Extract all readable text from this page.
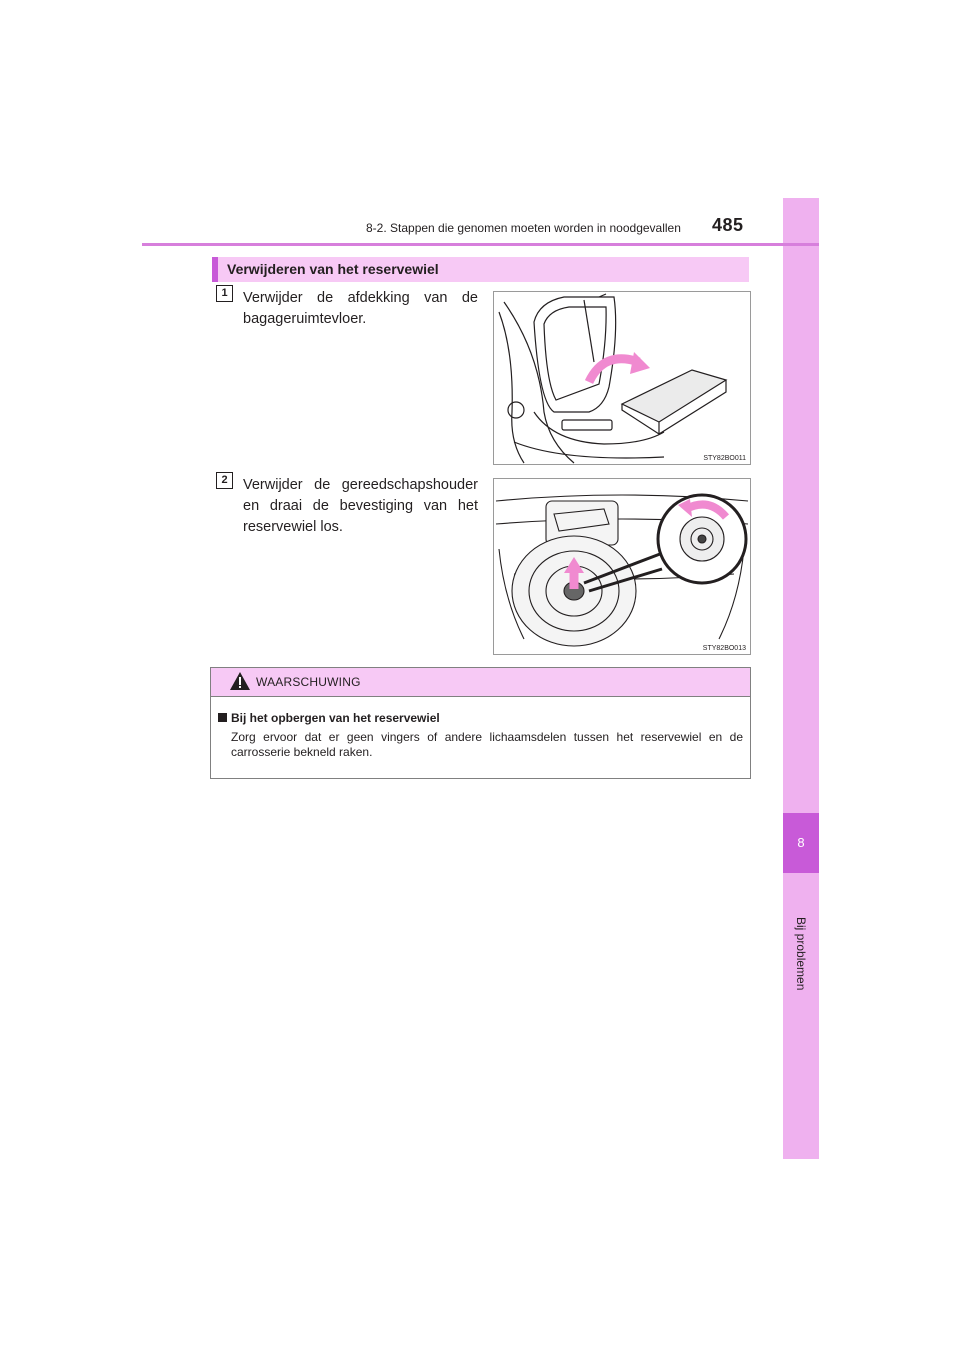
8
Bij problemen
8-2. Stappen die genomen moeten worden in noodgevallen 485
Verwijderen van het reservewiel
1	Verwijder de afdekking van de bagageruimtevloer.
STY82BO011
2	Verwijder de gereedschapshouder en draai de bevestiging van het reservewiel los.
STY82BO013
WAARSCHUWING
Bij het opbergen van het reservewiel
Zorg ervoor dat er geen vingers of andere lichaamsdelen tussen het reservewiel en de carrosserie bekneld raken.
